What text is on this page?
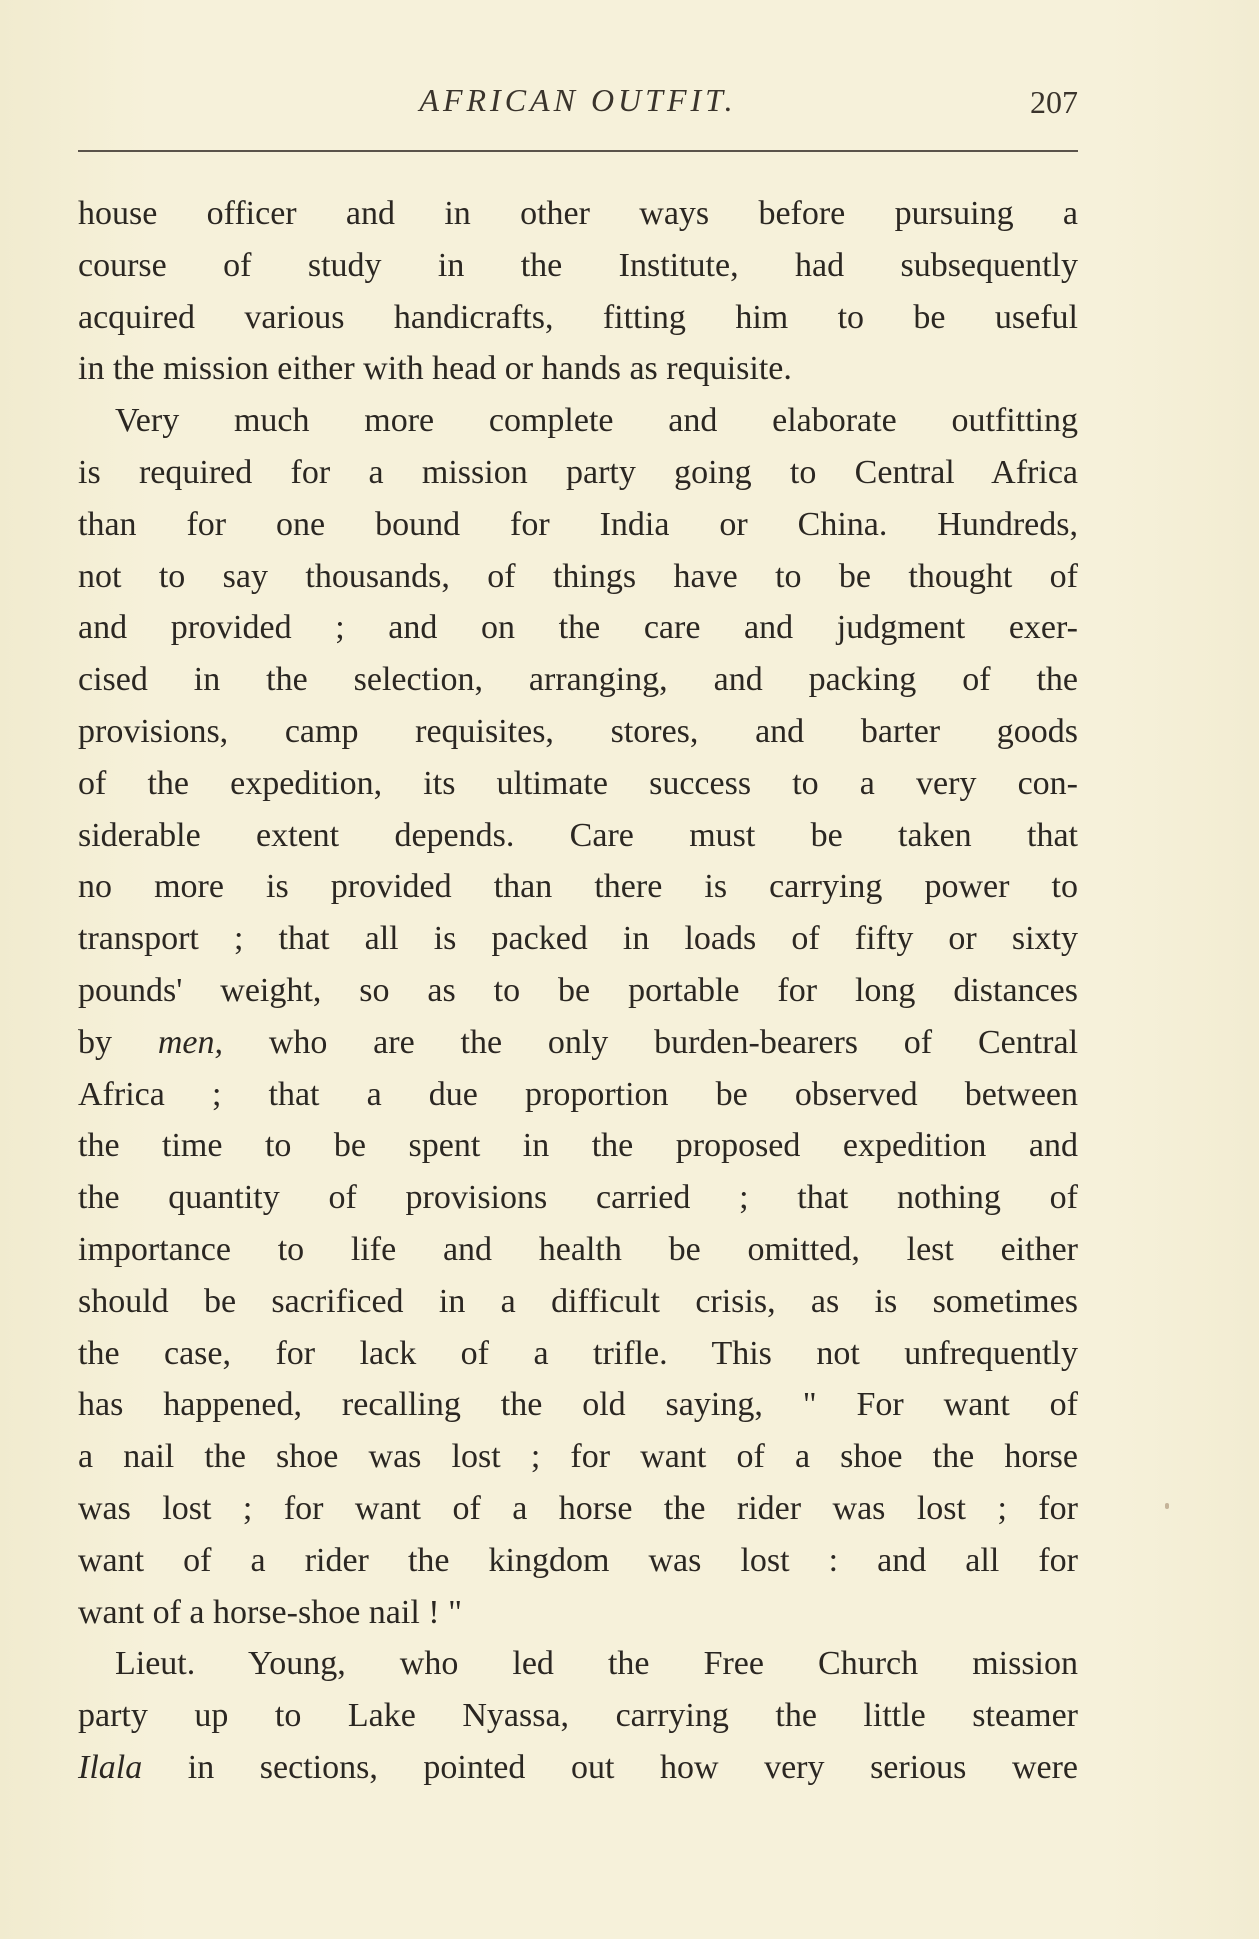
AFRICAN OUTFIT.	207
house officer and in other ways before pursuing a
course of study in the Institute, had subsequently
acquired various handicrafts, fitting him to be useful
in the mission either with head or hands as requisite.
Very much more complete and elaborate outfitting
is required for a mission party going to Central Africa
than for one bound for India or China. Hundreds,
not to say thousands, of things have to be thought of
and provided ; and on the care and judgment exer-
cised in the selection, arranging, and packing of the
provisions, camp requisites, stores, and barter goods
of the expedition, its ultimate success to a very con-
siderable extent depends. Care must be taken that
no more is provided than there is carrying power to
transport ; that all is packed in loads of fifty or sixty
pounds' weight, so as to be portable for long distances
by men, who are the only burden-bearers of Central
Africa ; that a due proportion be observed between
the time to be spent in the proposed expedition and
the quantity of provisions carried ; that nothing of
importance to life and health be omitted, lest either
should be sacrificed in a difficult crisis, as is sometimes
the case, for lack of a trifle. This not unfrequently
has happened, recalling the old saying, " For want of
a nail the shoe was lost ; for want of a shoe the horse
was lost ; for want of a horse the rider was lost ; for
want of a rider the kingdom was lost : and all for
want of a horse-shoe nail ! "
Lieut. Young, who led the Free Church mission
party up to Lake Nyassa, carrying the little steamer
Ilala in sections, pointed out how very serious were
